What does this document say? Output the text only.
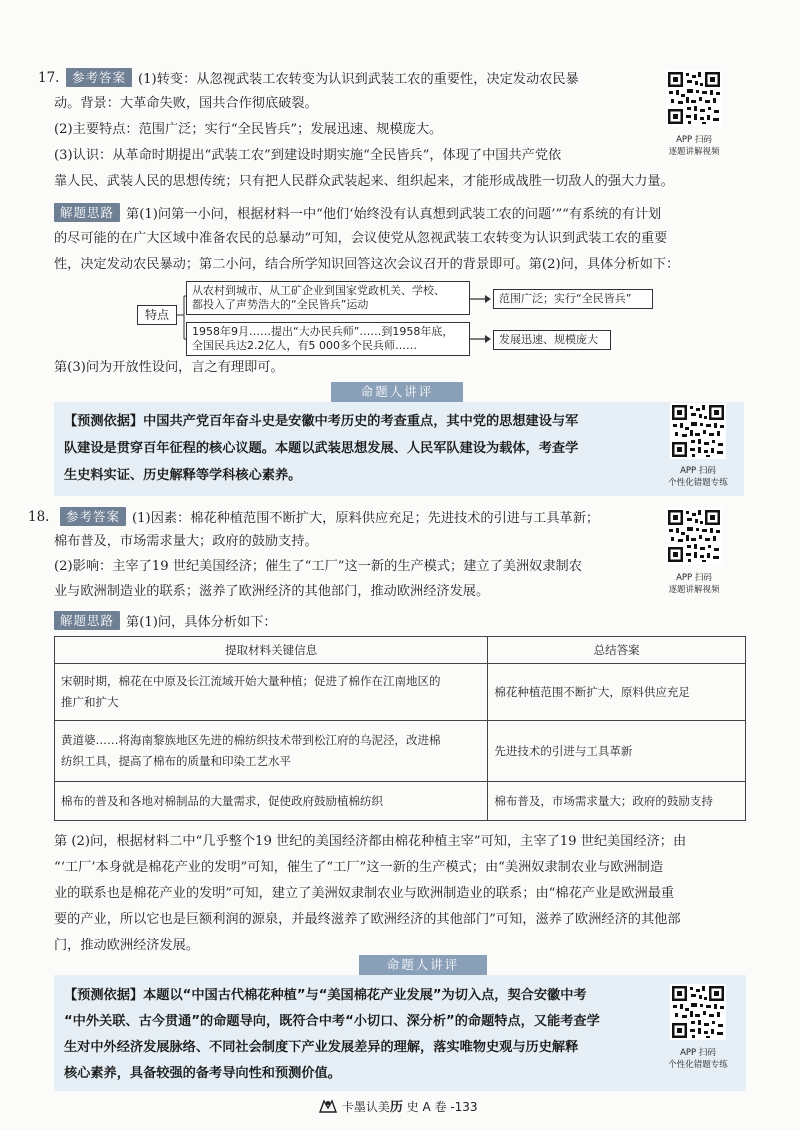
17.	参考答案 (1)转变：从忽视武装工农转变为认识到武装工农的重要性，决定发动农民暴
动。背景：大革命失败，国共合作彻底破裂。
(2)主要特点：范围广泛；实行“全民皆兵”；发展迅速、规模庞大。
(3)认识：从革命时期提出“武装工农”到建设时期实施“全民皆兵”，体现了中国共产党依
靠人民、武装人民的思想传统；只有把人民群众武装起来、组织起来，才能形成战胜一切敌人的强大力量。
APP 扫码
逐题讲解视频
解题思路 第(1)问第一小问，根据材料一中“他们‘始终没有认真想到武装工农的问题’”“有系统的有计划
的尽可能的在广大区域中准备农民的总暴动”可知，会议使党从忽视武装工农转变为认识到武装工农的重要
性，决定发动农民暴动；第二小问，结合所学知识回答这次会议召开的背景即可。第(2)问，具体分析如下：
特点
从农村到城市、从工矿企业到国家党政机关、学校、
都投入了声势浩大的“全民皆兵”运动	范围广泛；实行“全民皆兵”
1958年9月……提出“大办民兵师”……到1958年底，
全国民兵达2.2亿人，有5 000多个民兵师……	发展迅速、规模庞大
第(3)问为开放性设问，言之有理即可。
命题人讲评
【预测依据】中国共产党百年奋斗史是安徽中考历史的考查重点，其中党的思想建设与军
队建设是贯穿百年征程的核心议题。本题以武装思想发展、人民军队建设为载体，考查学
生史料实证、历史解释等学科核心素养。	APP 扫码
个性化错题专练
18.	参考答案 (1)因素：棉花种植范围不断扩大，原料供应充足；先进技术的引进与工具革新；
棉布普及，市场需求量大；政府的鼓励支持。
(2)影响：主宰了19 世纪美国经济；催生了“工厂”这一新的生产模式；建立了美洲奴隶制农
业与欧洲制造业的联系；滋养了欧洲经济的其他部门，推动欧洲经济发展。
APP 扫码
逐题讲解视频
解题思路 第(1)问，具体分析如下：
提取材料关键信息	总结答案

宋朝时期，棉花在中原及长江流域开始大量种植；促进了棉作在江南地区的
推广和扩大	棉花种植范围不断扩大，原料供应充足

黄道婆……将海南黎族地区先进的棉纺织技术带到松江府的乌泥泾，改进棉
纺织工具，提高了棉布的质量和印染工艺水平	先进技术的引进与工具革新

棉布的普及和各地对棉制品的大量需求，促使政府鼓励植棉纺织	棉布普及，市场需求量大；政府的鼓励支持
第 (2)问，根据材料二中“几乎整个19 世纪的美国经济都由棉花种植主宰”可知，主宰了19 世纪美国经济；由
“‘工厂’本身就是棉花产业的发明”可知，催生了“工厂”这一新的生产模式；由“美洲奴隶制农业与欧洲制造
业的联系也是棉花产业的发明”可知，建立了美洲奴隶制农业与欧洲制造业的联系；由“棉花产业是欧洲最重
要的产业，所以它也是巨额利润的源泉，并最终滋养了欧洲经济的其他部门”可知，滋养了欧洲经济的其他部
门，推动欧洲经济发展。
命题人讲评
【预测依据】本题以“中国古代棉花种植”与“美国棉花产业发展”为切入点，契合安徽中考
“中外关联、古今贯通”的命题导向，既符合中考“小切口、深分析”的命题特点，又能考查学
生对中外经济发展脉络、不同社会制度下产业发展差异的理解，落实唯物史观与历史解释
核心素养，具备较强的备考导向性和预测价值。
APP 扫码
个性化错题专练
卡墨认美历 史 A 卷 -133
